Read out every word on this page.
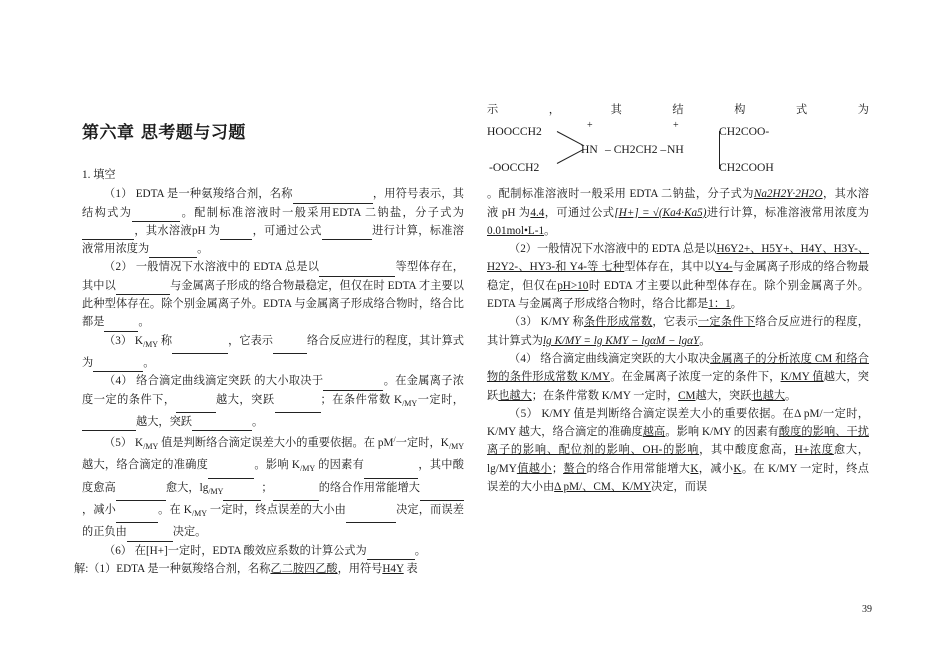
第六章 思考题与习题

1. 填空

（1） EDTA 是一种氨羧络合剂，名称	，用符号表示，其结构式为	。配制标准溶液时一般采用EDTA 二钠盐，分子式为，其水溶液pH 为	，可通过公式	进行计算，标准溶液常用浓度为	。

（2） 一般情况下水溶液中的 EDTA 总是以	等型体存在，其中以	与金属离子形成的络合物最稳定，但仅在时 EDTA 才主要以此种型体存在。除个别金属离子外。EDTA 与金属离子形成络合物时，络合比都是	。

（3） $K_{/MY}$ 称	，它表示	络合反应进行的程度，其计算式为	。

（4） 络合滴定曲线滴定突跃 的大小取决于	。在金属离子浓度一定的条件下，	越大，突跃	；在条件常数 $K_{/MY}$一定时，越大，突跃	。

（5） $K_{/MY}$ 值是判断络合滴定误差大小的重要依据。在 pM/一定时，$K_{/MY}$ 越大，络合滴定的准确度	。影响 $K_{/MY}$ 的因素有	，其中酸度愈高	愈大，$\lg_{/MY}$	；	的络合作用常能增大，减小	。在 $K_{/MY}$ 一定时，终点误差的大小由	决定，而误差的正负由	决定。

（6） 在[H+]一定时，EDTA 酸效应系数的计算公式为	。

解:（1）EDTA 是一种氨羧络合剂，名称乙二胺四乙酸，用符号H4Y 表

示	，	其	结	构	式	为
HOOCCH2
-OOCCH2
+
HN – CH2CH2 –
+
NH
CH2COO-
CH2COOH

。配制标准溶液时一般采用 EDTA 二钠盐，分子式为Na2H2Y·2H2O，其水溶液 pH 为4.4，可通过公式[H+] = √(Ka4·Ka5)进行计算，标准溶液常用浓度为0.01mol•L-1。

（2）一般情况下水溶液中的 EDTA 总是以H6Y2+、H5Y+、H4Y、H3Y-、H2Y2-、HY3-和 Y4-等 七种型体存在，其中以Y4-与金属离子形成的络合物最稳定，但仅在pH>10时 EDTA 才主要以此种型体存在。除个别金属离子外。EDTA 与金属离子形成络合物时，络合比都是1：1。

（3） K/MY 称条件形成常数，它表示一定条件下络合反应进行的程度，其计算式为lg K/MY = lg KMY − lgαM − lgαY。

（4） 络合滴定曲线滴定突跃的大小取决金属离子的分析浓度 CM 和络合物的条件形成常数 K/MY。在金属离子浓度一定的条件下，K/MY 值越大，突跃也越大；在条件常数 K/MY 一定时，CM越大，突跃也越大。

（5） K/MY 值是判断络合滴定误差大小的重要依据。在Δ pM/一定时，K/MY 越大，络合滴定的准确度越高。影响 K/MY 的因素有酸度的影响、干扰离子的影响、配位剂的影响、OH-的影响，其中酸度愈高，H+浓度愈大，lg/MY值越小；螯合的络合作用常能增大K，减小K。在 K/MY 一定时，终点误差的大小由Δ pM/、CM、K/MY决定，而误

39
